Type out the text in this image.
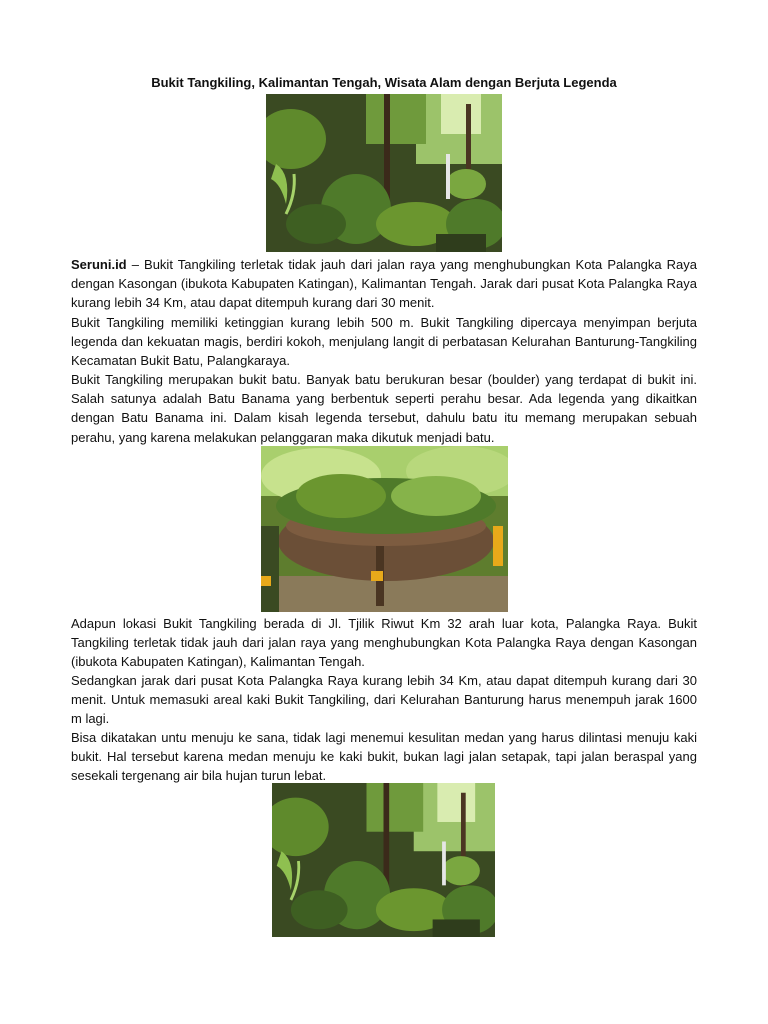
Bukit Tangkiling, Kalimantan Tengah, Wisata Alam dengan Berjuta Legenda

Seruni.id – Bukit Tangkiling terletak tidak jauh dari jalan raya yang menghubungkan Kota Palangka Raya dengan Kasongan (ibukota Kabupaten Katingan), Kalimantan Tengah. Jarak dari pusat Kota Palangka Raya kurang lebih 34 Km, atau dapat ditempuh kurang dari 30 menit.

Bukit Tangkiling memiliki ketinggian kurang lebih 500 m. Bukit Tangkiling dipercaya menyimpan berjuta legenda dan kekuatan magis, berdiri kokoh, menjulang langit di perbatasan Kelurahan Banturung-Tangkiling Kecamatan Bukit Batu, Palangkaraya.

Bukit Tangkiling merupakan bukit batu. Banyak batu berukuran besar (boulder) yang terdapat di bukit ini. Salah satunya adalah Batu Banama yang berbentuk seperti perahu besar. Ada legenda yang dikaitkan dengan Batu Banama ini. Dalam kisah legenda tersebut, dahulu batu itu memang merupakan sebuah perahu, yang karena melakukan pelanggaran maka dikutuk menjadi batu.

Adapun lokasi Bukit Tangkiling berada di Jl. Tjilik Riwut Km 32 arah luar kota, Palangka Raya. Bukit Tangkiling terletak tidak jauh dari jalan raya yang menghubungkan Kota Palangka Raya dengan Kasongan (ibukota Kabupaten Katingan), Kalimantan Tengah.

Sedangkan jarak dari pusat Kota Palangka Raya kurang lebih 34 Km, atau dapat ditempuh kurang dari 30 menit. Untuk memasuki areal kaki Bukit Tangkiling, dari Kelurahan Banturung harus menempuh jarak 1600 m lagi.

Bisa dikatakan untu menuju ke sana, tidak lagi menemui kesulitan medan yang harus dilintasi menuju kaki bukit. Hal tersebut karena medan menuju ke kaki bukit, bukan lagi jalan setapak, tapi jalan beraspal yang sesekali tergenang air bila hujan turun lebat.
